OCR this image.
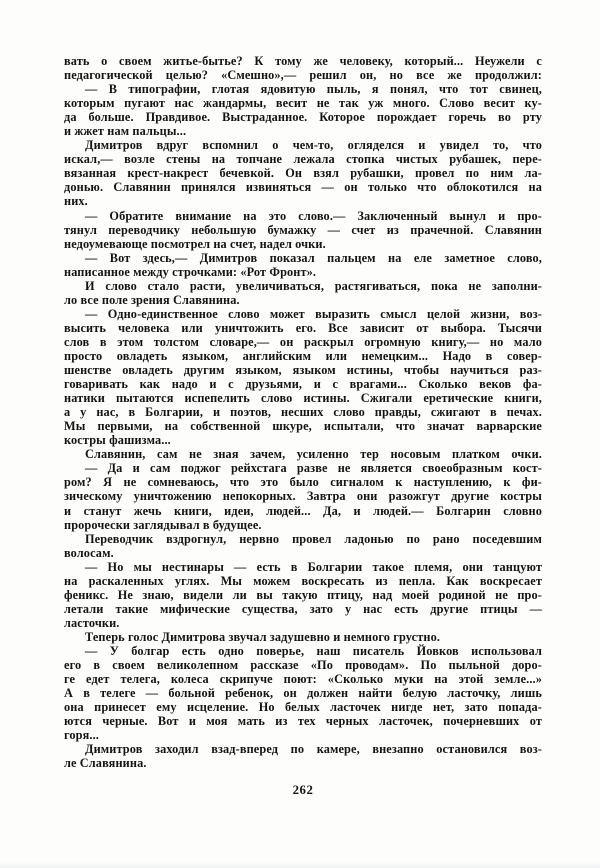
вать о своем житье-бытье? К тому же человеку, который... Неужели с
педагогической целью? «Смешно»,— решил он, но все же продолжил:
— В типографии, глотая ядовитую пыль, я понял, что тот свинец,
которым пугают нас жандармы, весит не так уж много. Слово весит ку-
да больше. Правдивое. Выстраданное. Которое порождает горечь во рту
и жжет нам пальцы...
Димитров вдруг вспомнил о чем-то, огляделся и увидел то, что
искал,— возле стены на топчане лежала стопка чистых рубашек, пере-
вязанная крест-накрест бечевкой. Он взял рубашки, провел по ним ла-
донью. Славянин принялся извиняться — он только что облокотился на
них.
— Обратите внимание на это слово.— Заключенный вынул и про-
тянул переводчику небольшую бумажку — счет из прачечной. Славянин
недоумевающе посмотрел на счет, надел очки.
— Вот здесь,— Димитров показал пальцем на еле заметное слово,
написанное между строчками: «Рот Фронт».
И слово стало расти, увеличиваться, растягиваться, пока не заполни-
ло все поле зрения Славянина.
— Одно-единственное слово может выразить смысл целой жизни, воз-
высить человека или уничтожить его. Все зависит от выбора. Тысячи
слов в этом толстом словаре,— он раскрыл огромную книгу,— но мало
просто овладеть языком, английским или немецким... Надо в совер-
шенстве овладеть другим языком, языком истины, чтобы научиться раз-
говаривать как надо и с друзьями, и с врагами... Сколько веков фа-
натики пытаются испепелить слово истины. Сжигали еретические книги,
а у нас, в Болгарии, и поэтов, несших слово правды, сжигают в печах.
Мы первыми, на собственной шкуре, испытали, что значат варварские
костры фашизма...
Славянин, сам не зная зачем, усиленно тер носовым платком очки.
— Да и сам поджог рейхстага разве не является своеобразным кост-
ром? Я не сомневаюсь, что это было сигналом к наступлению, к фи-
зическому уничтожению непокорных. Завтра они разожгут другие костры
и станут жечь книги, идеи, людей... Да, и людей.— Болгарин словно
пророчески заглядывал в будущее.
Переводчик вздрогнул, нервно провел ладонью по рано поседевшим
волосам.
— Но мы нестинары — есть в Болгарии такое племя, они танцуют
на раскаленных углях. Мы можем воскресать из пепла. Как воскресает
феникс. Не знаю, видели ли вы такую птицу, над моей родиной не про-
летали такие мифические существа, зато у нас есть другие птицы —
ласточки.
Теперь голос Димитрова звучал задушевно и немного грустно.
— У болгар есть одно поверье, наш писатель Йовков использовал
его в своем великолепном рассказе «По проводам». По пыльной доро-
ге едет телега, колеса скрипуче поют: «Сколько муки на этой земле...»
А в телеге — больной ребенок, он должен найти белую ласточку, лишь
она принесет ему исцеление. Но белых ласточек нигде нет, зато попада-
ются черные. Вот и моя мать из тех черных ласточек, почерневших от
горя...
Димитров заходил взад-вперед по камере, внезапно остановился воз-
ле Славянина.
262
